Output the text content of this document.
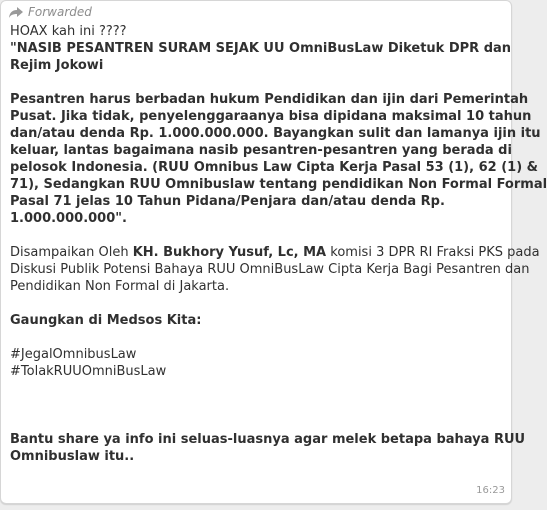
Forwarded
HOAX kah ini ????
"NASIB PESANTREN SURAM SEJAK UU OmniBusLaw Diketuk DPR dan
Rejim Jokowi
Pesantren harus berbadan hukum Pendidikan dan ijin dari Pemerintah
Pusat. Jika tidak, penyelenggaraanya bisa dipidana maksimal 10 tahun
dan/atau denda Rp. 1.000.000.000. Bayangkan sulit dan lamanya ijin itu
keluar, lantas bagaimana nasib pesantren-pesantren yang berada di
pelosok Indonesia. (RUU Omnibus Law Cipta Kerja Pasal 53 (1), 62 (1) &
71), Sedangkan RUU Omnibuslaw tentang pendidikan Non Formal Formal
Pasal 71 jelas 10 Tahun Pidana/Penjara dan/atau denda Rp.
1.000.000.000".
Disampaikan Oleh KH. Bukhory Yusuf, Lc, MA komisi 3 DPR RI Fraksi PKS pada
Diskusi Publik Potensi Bahaya RUU OmniBusLaw Cipta Kerja Bagi Pesantren dan
Pendidikan Non Formal di Jakarta.
Gaungkan di Medsos Kita:
#JegalOmnibusLaw
#TolakRUUOmniBusLaw
Bantu share ya info ini seluas-luasnya agar melek betapa bahaya RUU
Omnibuslaw itu..
16:23
